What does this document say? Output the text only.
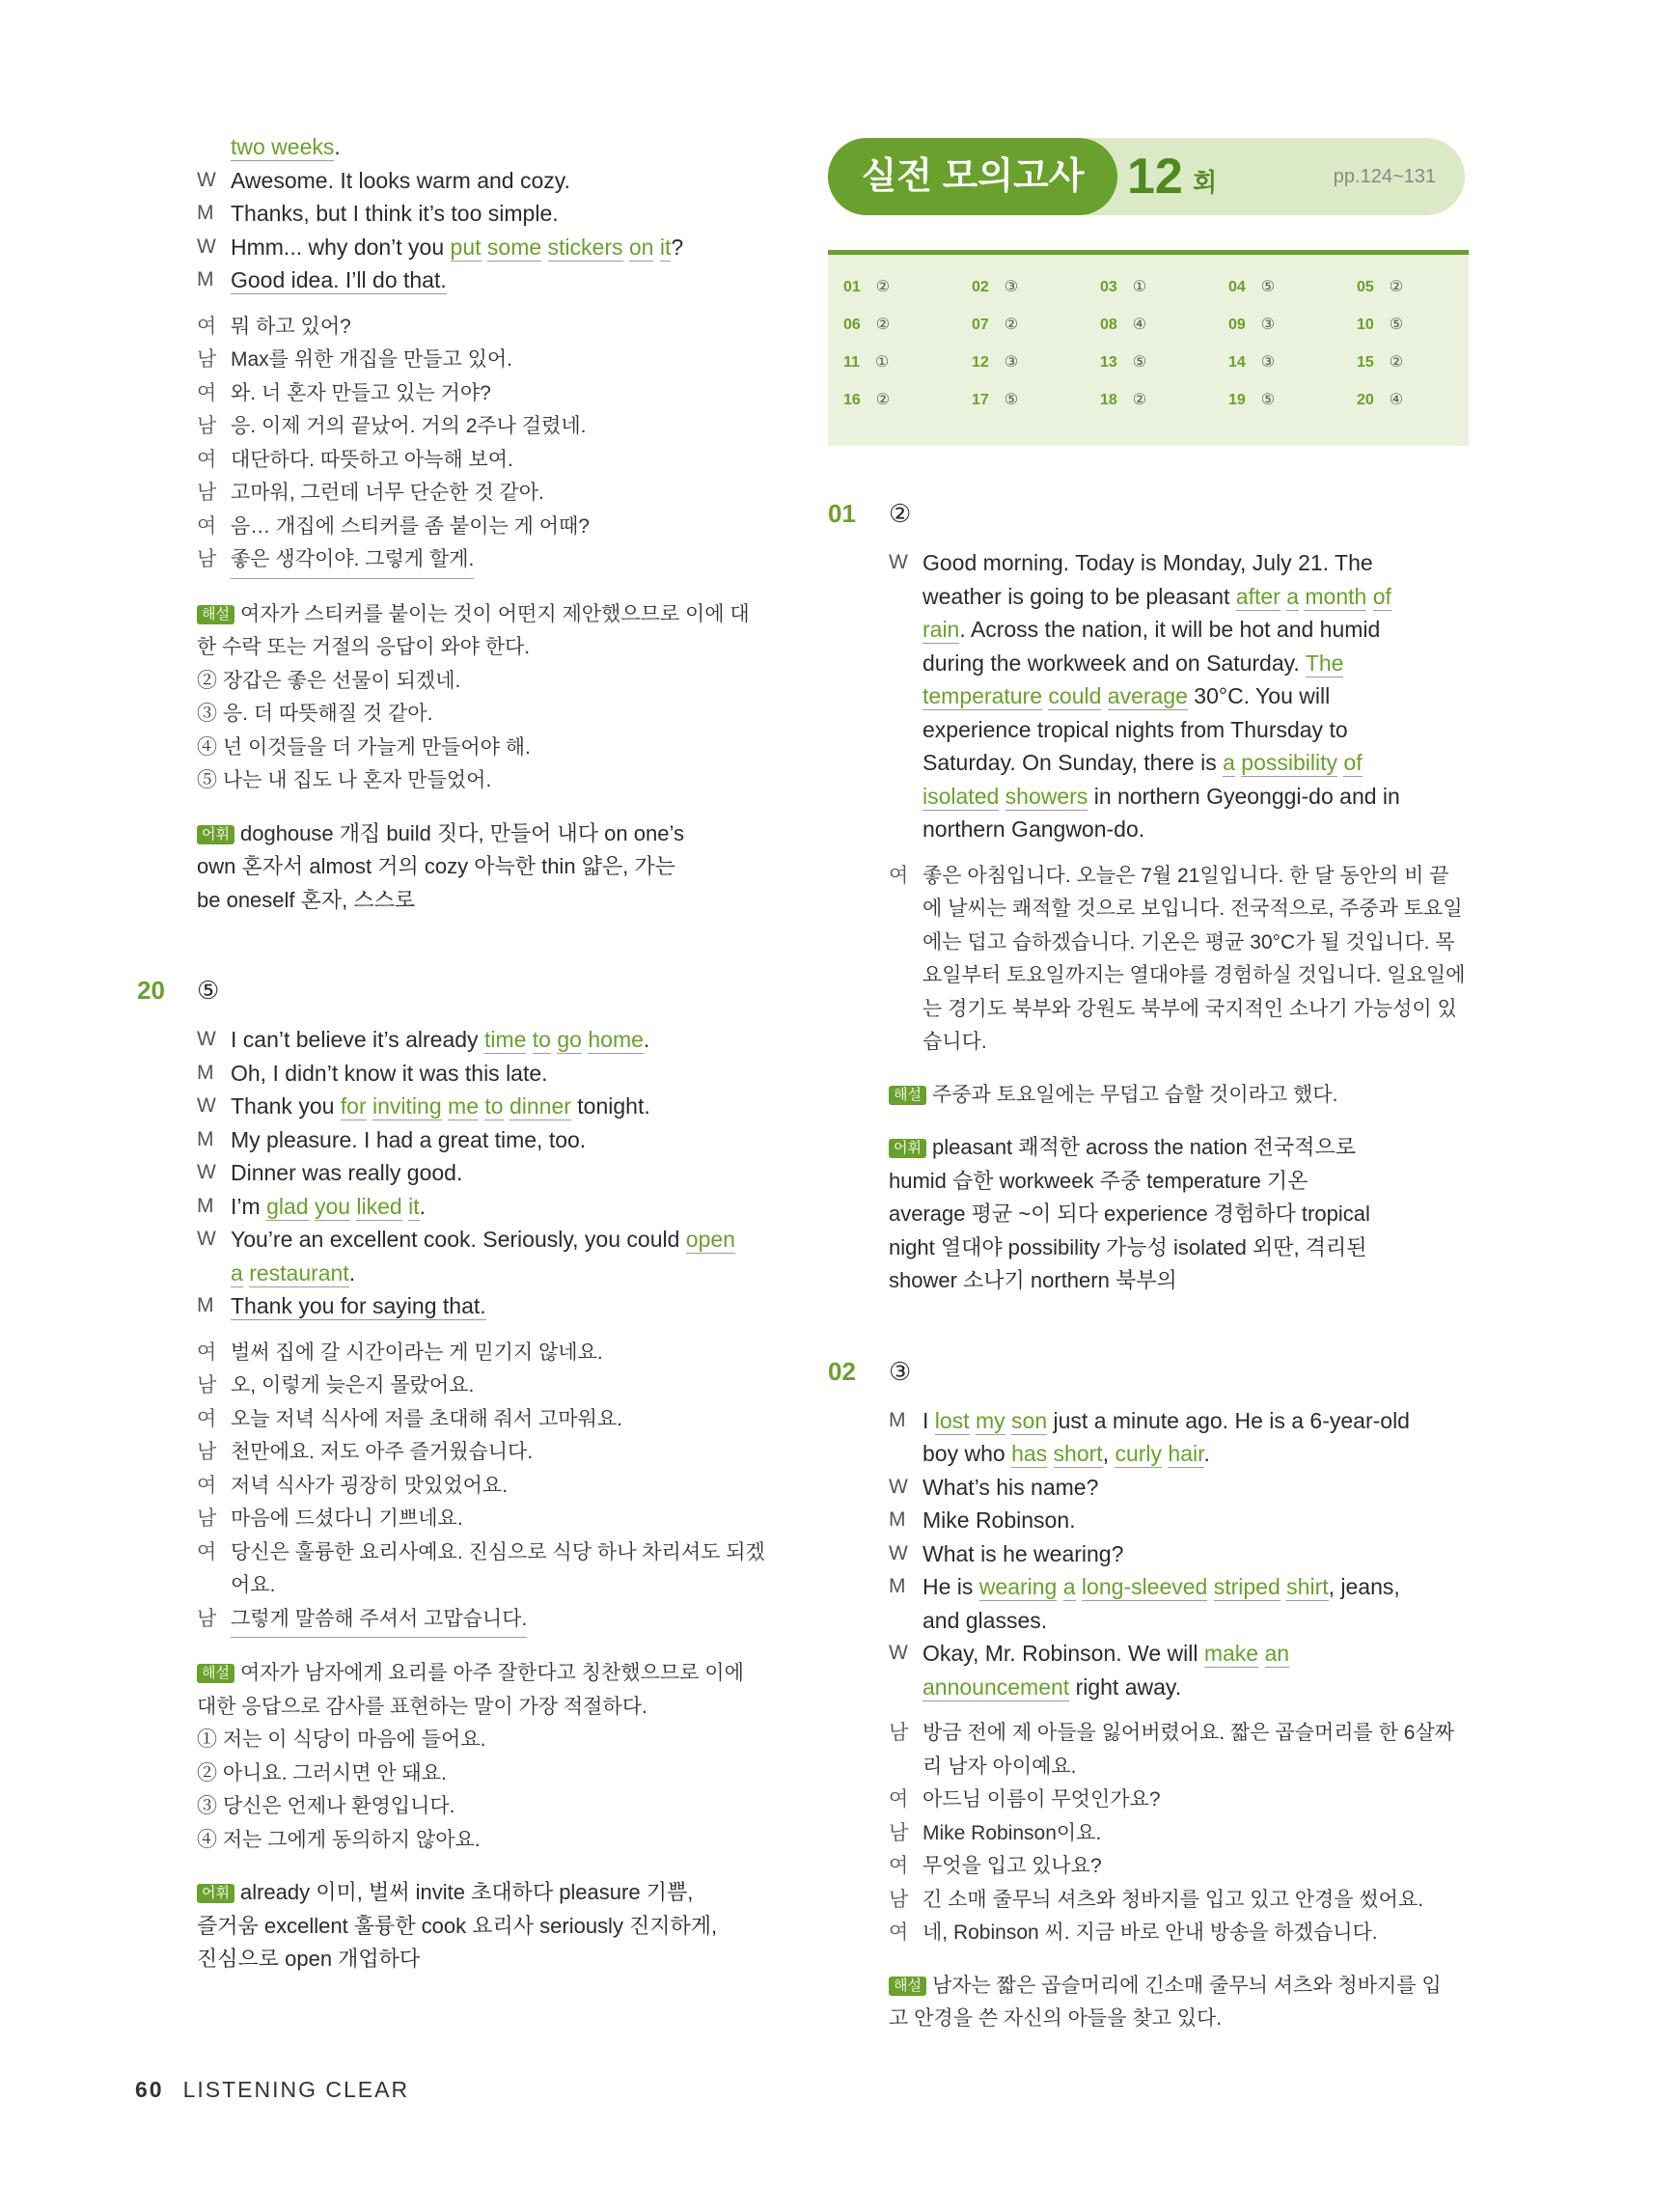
실전 모의고사 12 회	pp.124~131
01 ②	02 ③	03 ①	04 ⑤	05 ②
06 ②	07 ②	08 ④	09 ③	10 ⑤
11 ①	12 ③	13 ⑤	14 ③	15 ②
16 ②	17 ⑤	18 ②	19 ⑤	20 ④
two weeks.
W Awesome. It looks warm and cozy.
M Thanks, but I think it’s too simple.
W Hmm... why don’t you put some stickers on it?
M Good idea. I’ll do that.
여 뭐 하고 있어?
남 Max를 위한 개집을 만들고 있어.
여 와. 너 혼자 만들고 있는 거야?
남 응. 이제 거의 끝났어. 거의 2주나 걸렸네.
여 대단하다. 따뜻하고 아늑해 보여.
남 고마워, 그런데 너무 단순한 것 같아.
여 음… 개집에 스티커를 좀 붙이는 게 어때?
남 좋은 생각이야. 그렇게 할게.
해설 여자가 스티커를 붙이는 것이 어떤지 제안했으므로 이에 대
한 수락 또는 거절의 응답이 와야 한다.
② 장갑은 좋은 선물이 되겠네.
③ 응. 더 따뜻해질 것 같아.
④ 넌 이것들을 더 가늘게 만들어야 해.
⑤ 나는 내 집도 나 혼자 만들었어.
어휘 doghouse 개집 build 짓다, 만들어 내다 on one’s
own 혼자서 almost 거의 cozy 아늑한 thin 얇은, 가는
be oneself 혼자, 스스로
20 ⑤
W I can’t believe it’s already time to go home.
M Oh, I didn’t know it was this late.
W Thank you for inviting me to dinner tonight.
M My pleasure. I had a great time, too.
W Dinner was really good.
M I’m glad you liked it.
W You’re an excellent cook. Seriously, you could open
a restaurant.
M Thank you for saying that.
여 벌써 집에 갈 시간이라는 게 믿기지 않네요.
남 오, 이렇게 늦은지 몰랐어요.
여 오늘 저녁 식사에 저를 초대해 줘서 고마워요.
남 천만에요. 저도 아주 즐거웠습니다.
여 저녁 식사가 굉장히 맛있었어요.
남 마음에 드셨다니 기쁘네요.
여 당신은 훌륭한 요리사예요. 진심으로 식당 하나 차리셔도 되겠
어요.
남 그렇게 말씀해 주셔서 고맙습니다.
해설 여자가 남자에게 요리를 아주 잘한다고 칭찬했으므로 이에
대한 응답으로 감사를 표현하는 말이 가장 적절하다.
① 저는 이 식당이 마음에 들어요.
② 아니요. 그러시면 안 돼요.
③ 당신은 언제나 환영입니다.
④ 저는 그에게 동의하지 않아요.
어휘 already 이미, 벌써 invite 초대하다 pleasure 기쁨,
즐거움 excellent 훌륭한 cook 요리사 seriously 진지하게,
진심으로 open 개업하다
01 ②
W Good morning. Today is Monday, July 21. The
weather is going to be pleasant after a month of
rain. Across the nation, it will be hot and humid
during the workweek and on Saturday. The
temperature could average 30°C. You will
experience tropical nights from Thursday to
Saturday. On Sunday, there is a possibility of
isolated showers in northern Gyeonggi-do and in
northern Gangwon-do.
여 좋은 아침입니다. 오늘은 7월 21일입니다. 한 달 동안의 비 끝
에 날씨는 쾌적할 것으로 보입니다. 전국적으로, 주중과 토요일
에는 덥고 습하겠습니다. 기온은 평균 30°C가 될 것입니다. 목
요일부터 토요일까지는 열대야를 경험하실 것입니다. 일요일에
는 경기도 북부와 강원도 북부에 국지적인 소나기 가능성이 있
습니다.
해설 주중과 토요일에는 무덥고 습할 것이라고 했다.
어휘 pleasant 쾌적한 across the nation 전국적으로
humid 습한 workweek 주중 temperature 기온
average 평균 ~이 되다 experience 경험하다 tropical
night 열대야 possibility 가능성 isolated 외딴, 격리된
shower 소나기 northern 북부의
02 ③
M I lost my son just a minute ago. He is a 6-year-old
boy who has short, curly hair.
W What’s his name?
M Mike Robinson.
W What is he wearing?
M He is wearing a long-sleeved striped shirt, jeans,
and glasses.
W Okay, Mr. Robinson. We will make an
announcement right away.
남 방금 전에 제 아들을 잃어버렸어요. 짧은 곱슬머리를 한 6살짜
리 남자 아이예요.
여 아드님 이름이 무엇인가요?
남 Mike Robinson이요.
여 무엇을 입고 있나요?
남 긴 소매 줄무늬 셔츠와 청바지를 입고 있고 안경을 썼어요.
여 네, Robinson 씨. 지금 바로 안내 방송을 하겠습니다.
해설 남자는 짧은 곱슬머리에 긴소매 줄무늬 셔츠와 청바지를 입
고 안경을 쓴 자신의 아들을 찾고 있다.
60 LISTENING CLEAR
